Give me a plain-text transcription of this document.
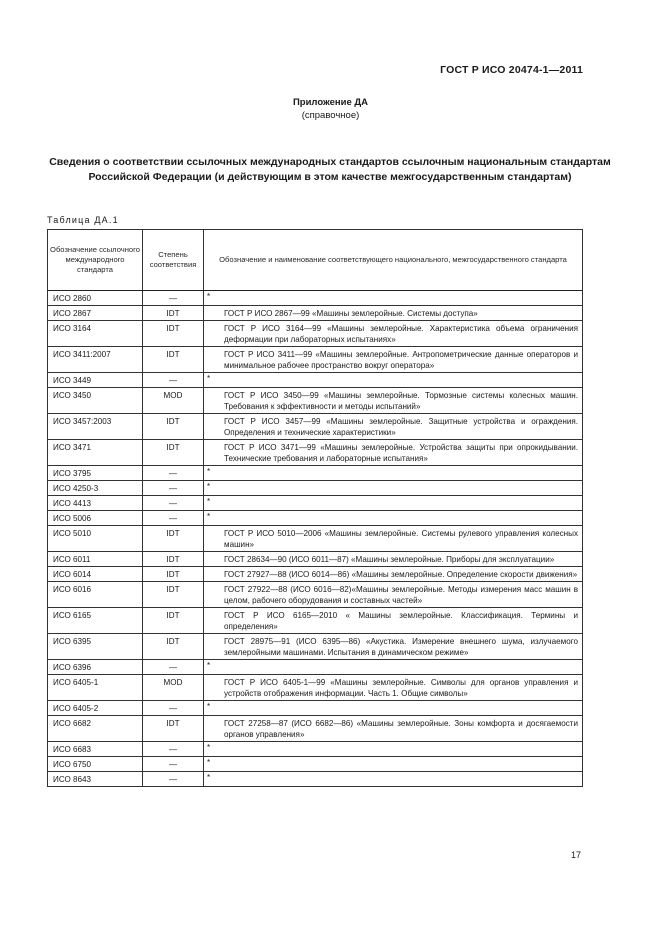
ГОСТ Р ИСО 20474-1—2011
Приложение ДА
(справочное)
Сведения о соответствии ссылочных международных стандартов ссылочным национальным стандартам Российской Федерации (и действующим в этом качестве межгосударственным стандартам)
Таблица ДА.1
Обозначение ссылочного международного стандарта	Степень соответствия	Обозначение и наименование соответствующего национального, межгосударственного стандарта
ИСО 2860	—	*

ИСО 2867	IDT	ГОСТ Р ИСО 2867—99 «Машины землеройные. Системы доступа»

ИСО 3164	IDT	ГОСТ Р ИСО 3164—99 «Машины землеройные. Характеристика объема ограничения деформации при лабораторных испытаниях»

ИСО 3411:2007	IDT	ГОСТ Р ИСО 3411—99 «Машины землеройные. Антропометрические данные операторов и минимальное рабочее пространство вокруг оператора»

ИСО 3449	—	*

ИСО 3450	MOD	ГОСТ Р ИСО 3450—99 «Машины землеройные. Тормозные системы колесных машин. Требования к эффективности и методы испытаний»

ИСО 3457:2003	IDT	ГОСТ Р ИСО 3457—99 «Машины землеройные. Защитные устройства и ограждения. Определения и технические характеристики»

ИСО 3471	IDT	ГОСТ Р ИСО 3471—99 «Машины землеройные. Устройства защиты при опрокидывании. Технические требования и лабораторные испытания»

ИСО 3795	—	*

ИСО 4250-3	—	*

ИСО 4413	—	*

ИСО 5006	—	*

ИСО 5010	IDT	ГОСТ Р ИСО 5010—2006 «Машины землеройные. Системы рулевого управления колесных машин»

ИСО 6011	IDT	ГОСТ 28634—90 (ИСО 6011—87) «Машины землеройные. Приборы для эксплуатации»

ИСО 6014	IDT	ГОСТ 27927—88 (ИСО 6014—86) «Машины землеройные. Определение скорости движения»

ИСО 6016	IDT	ГОСТ 27922—88 (ИСО 6016—82)«Машины землеройные. Методы измерения масс машин в целом, рабочего оборудования и составных частей»

ИСО 6165	IDT	ГОСТ Р ИСО 6165—2010 « Машины землеройные. Классификация. Термины и определения»

ИСО 6395	IDT	ГОСТ 28975—91 (ИСО 6395—86) «Акустика. Измерение внешнего шума, излучаемого землеройными машинами. Испытания в динамическом режиме»

ИСО 6396	—	*

ИСО 6405-1	MOD	ГОСТ Р ИСО 6405-1—99 «Машины землеройные. Символы для органов управления и устройств отображения информации. Часть 1. Общие символы»

ИСО 6405-2	—	*

ИСО 6682	IDT	ГОСТ 27258—87 (ИСО 6682—86) «Машины землеройные. Зоны комфорта и досягаемости органов управления»

ИСО 6683	—	*

ИСО 6750	—	*

ИСО 8643	—	*
17
